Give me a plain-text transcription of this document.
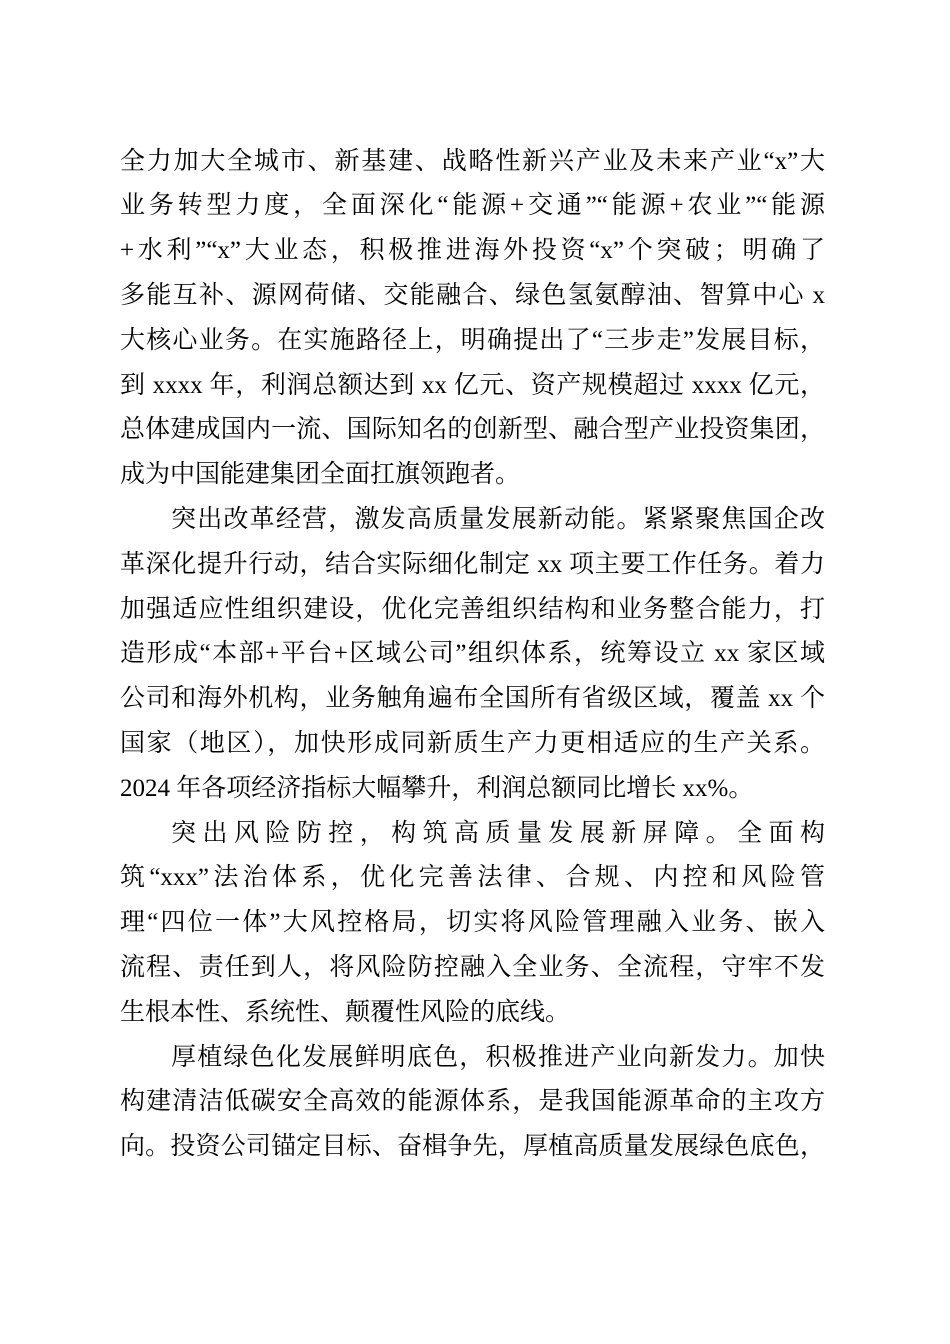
全力加大全城市、新基建、战略性新兴产业及未来产业“x”大
业务转型力度，全面深化“能源+交通”“能源+农业”“能源
+水利”“x”大业态，积极推进海外投资“x”个突破；明确了
多能互补、源网荷储、交能融合、绿色氢氨醇油、智算中心 x
大核心业务。在实施路径上，明确提出了“三步走”发展目标，
到 xxxx 年，利润总额达到 xx 亿元、资产规模超过 xxxx 亿元，
总体建成国内一流、国际知名的创新型、融合型产业投资集团，
成为中国能建集团全面扛旗领跑者。
突出改革经营，激发高质量发展新动能。紧紧聚焦国企改
革深化提升行动，结合实际细化制定 xx 项主要工作任务。着力
加强适应性组织建设，优化完善组织结构和业务整合能力，打
造形成“本部+平台+区域公司”组织体系，统筹设立 xx 家区域
公司和海外机构，业务触角遍布全国所有省级区域，覆盖 xx 个
国家（地区），加快形成同新质生产力更相适应的生产关系。
2024 年各项经济指标大幅攀升，利润总额同比增长 xx%。
突出风险防控，构筑高质量发展新屏障。全面构
筑“xxx”法治体系，优化完善法律、合规、内控和风险管
理“四位一体”大风控格局，切实将风险管理融入业务、嵌入
流程、责任到人，将风险防控融入全业务、全流程，守牢不发
生根本性、系统性、颠覆性风险的底线。
厚植绿色化发展鲜明底色，积极推进产业向新发力。加快
构建清洁低碳安全高效的能源体系，是我国能源革命的主攻方
向。投资公司锚定目标、奋楫争先，厚植高质量发展绿色底色，
